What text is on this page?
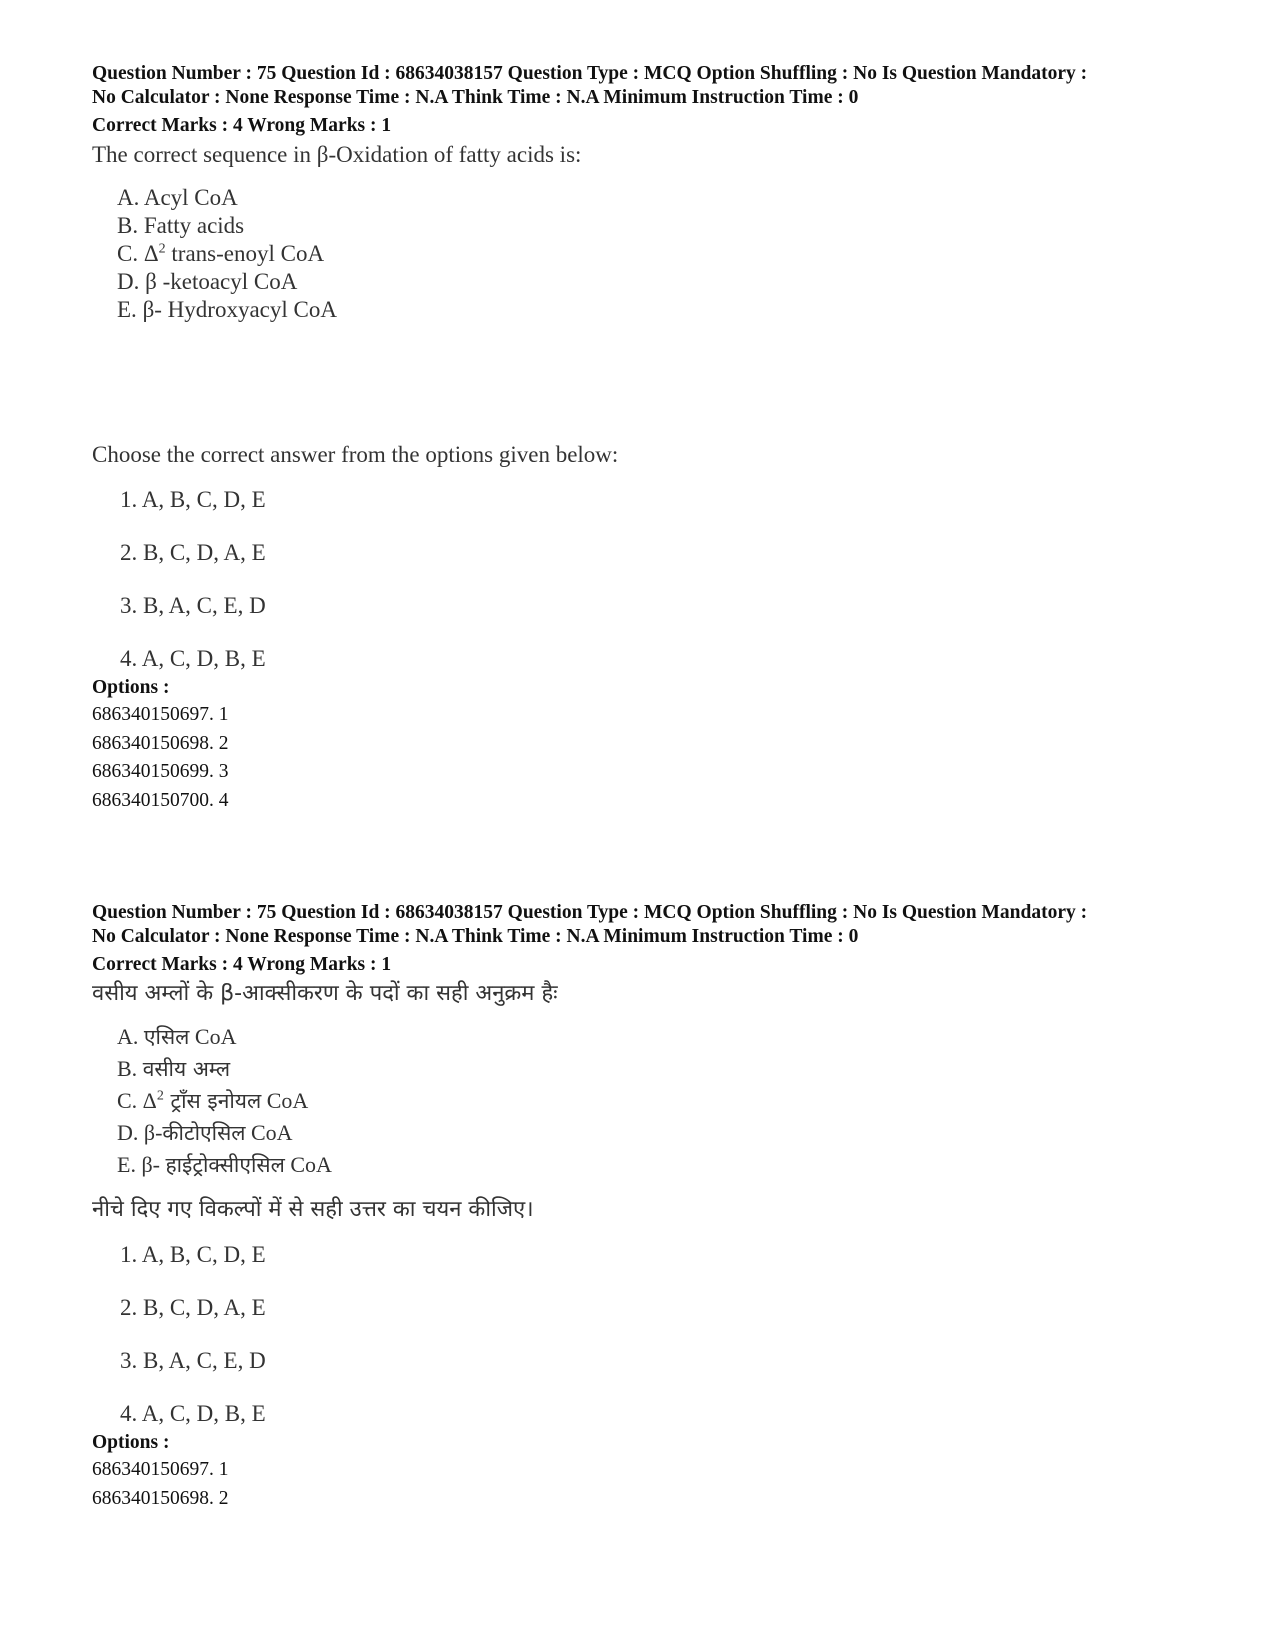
Question Number : 75 Question Id : 68634038157 Question Type : MCQ Option Shuffling : No Is Question Mandatory :
No Calculator : None Response Time : N.A Think Time : N.A Minimum Instruction Time : 0
Correct Marks : 4 Wrong Marks : 1
The correct sequence in β-Oxidation of fatty acids is:
A. Acyl CoA
B. Fatty acids
C. $\Delta^2$ trans-enoyl CoA
D. β -ketoacyl CoA
E. β- Hydroxyacyl CoA
Choose the correct answer from the options given below:
1. A, B, C, D, E
2. B, C, D, A, E
3. B, A, C, E, D
4. A, C, D, B, E
Options :
686340150697. 1
686340150698. 2
686340150699. 3
686340150700. 4
Question Number : 75 Question Id : 68634038157 Question Type : MCQ Option Shuffling : No Is Question Mandatory :
No Calculator : None Response Time : N.A Think Time : N.A Minimum Instruction Time : 0
Correct Marks : 4 Wrong Marks : 1
वसीय अम्लों के β-आक्सीकरण के पदों का सही अनुक्रम हैः
A. एसिल CoA
B. वसीय अम्ल
C. $\Delta^2$ ट्रॉंस इनोयल CoA
D. β-कीटोएसिल CoA
E. β- हाईट्रोक्सीएसिल CoA
नीचे दिए गए विकल्पों में से सही उत्तर का चयन कीजिए।
1. A, B, C, D, E
2. B, C, D, A, E
3. B, A, C, E, D
4. A, C, D, B, E
Options :
686340150697. 1
686340150698. 2
